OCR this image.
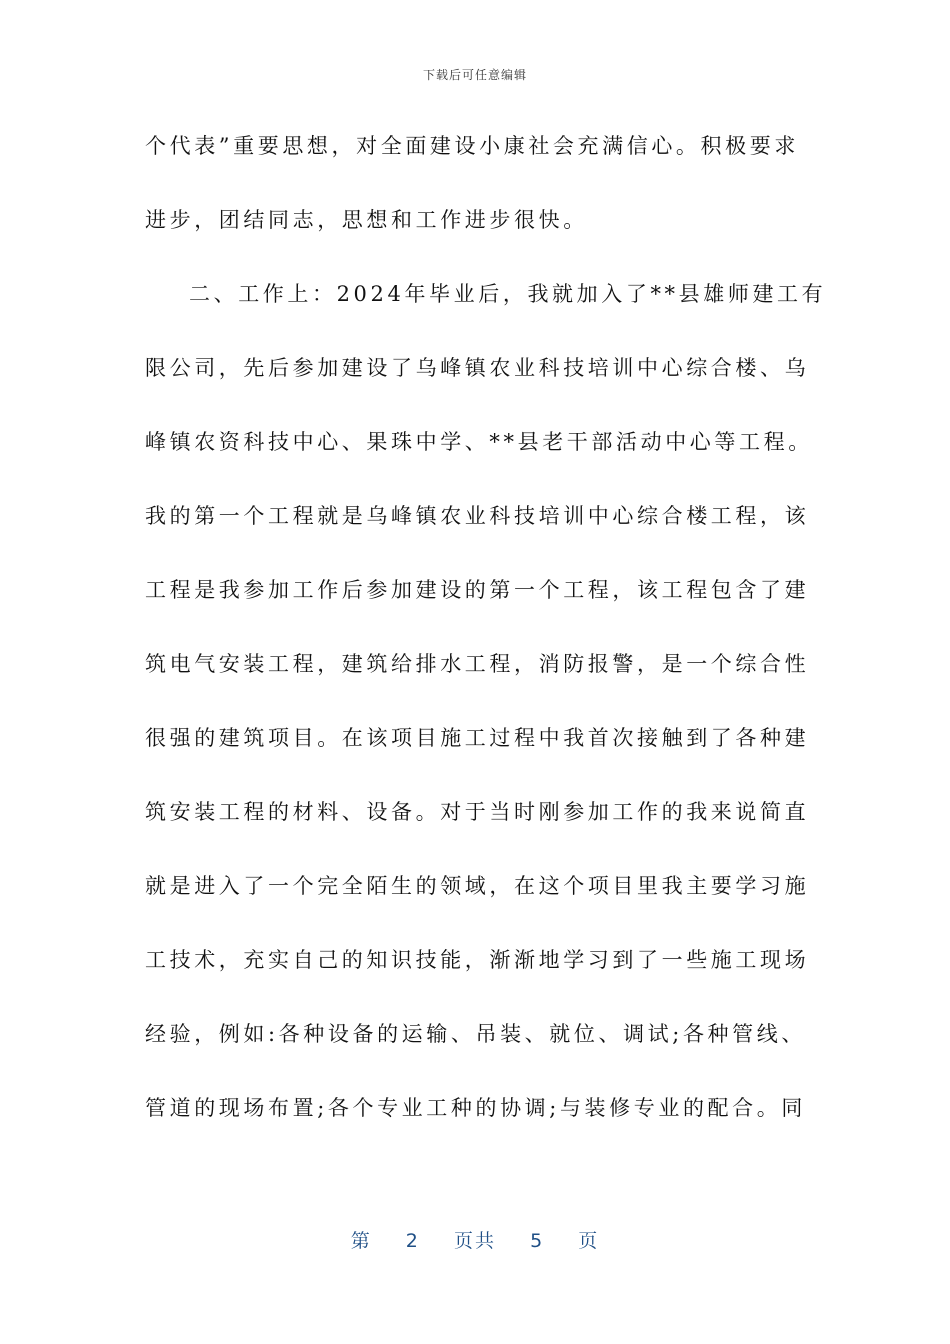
下载后可任意编辑
个代表”重要思想，对全面建设小康社会充满信心。积极要求
进步，团结同志，思想和工作进步很快。
二、工作上：2024年毕业后，我就加入了**县雄师建工有
限公司，先后参加建设了乌峰镇农业科技培训中心综合楼、乌
峰镇农资科技中心、果珠中学、**县老干部活动中心等工程。
我的第一个工程就是乌峰镇农业科技培训中心综合楼工程，该
工程是我参加工作后参加建设的第一个工程，该工程包含了建
筑电气安装工程，建筑给排水工程，消防报警，是一个综合性
很强的建筑项目。在该项目施工过程中我首次接触到了各种建
筑安装工程的材料、设备。对于当时刚参加工作的我来说简直
就是进入了一个完全陌生的领域，在这个项目里我主要学习施
工技术，充实自己的知识技能，渐渐地学习到了一些施工现场
经验，例如:各种设备的运输、吊装、就位、调试;各种管线、
管道的现场布置;各个专业工种的协调;与装修专业的配合。同
第 2 页共 5 页
